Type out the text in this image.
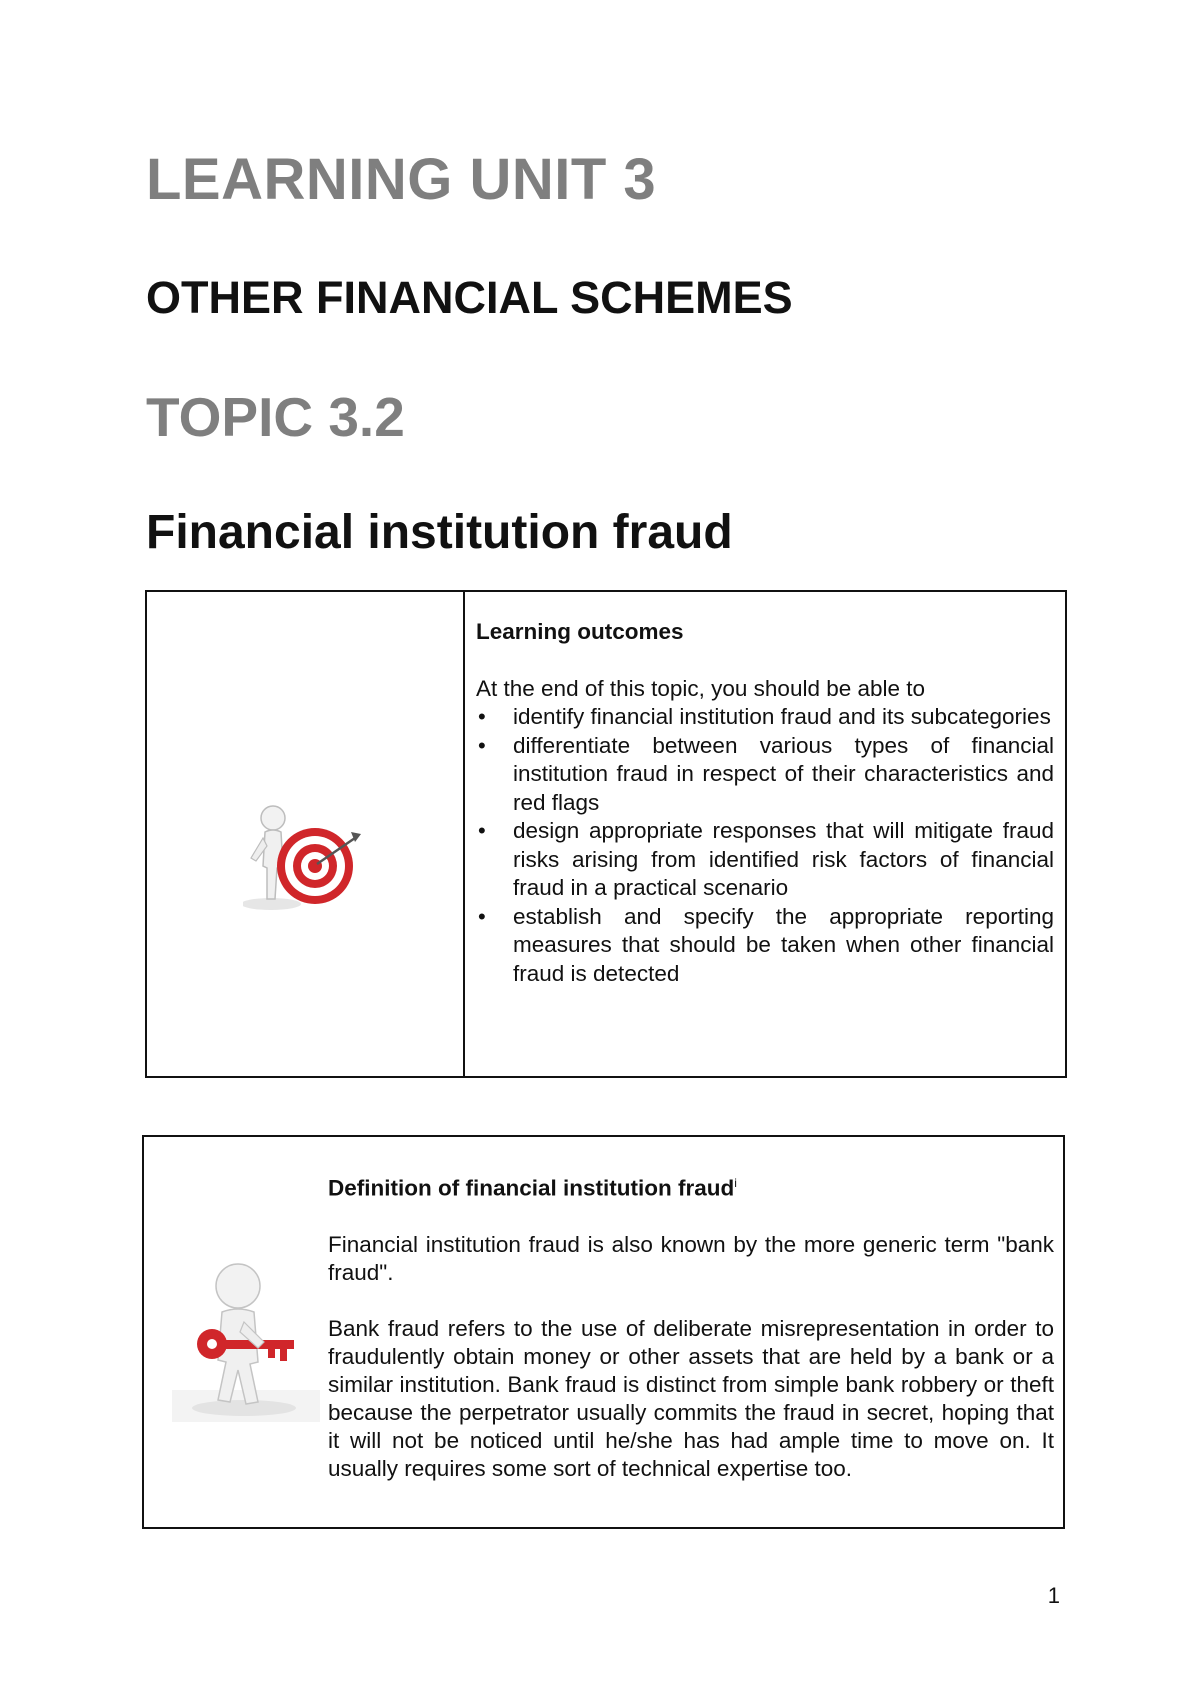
LEARNING UNIT 3
OTHER FINANCIAL SCHEMES
TOPIC 3.2
Financial institution fraud

Learning outcomes

At the end of this topic, you should be able to

• identify financial institution fraud and its subcategories
• differentiate between various types of financial institution fraud in respect of their characteristics and red flags
• design appropriate responses that will mitigate fraud risks arising from identified risk factors of financial fraud in a practical scenario
• establish and specify the appropriate reporting measures that should be taken when other financial fraud is detected

Definition of financial institution fraud$^i$

Financial institution fraud is also known by the more generic term "bank fraud".

Bank fraud refers to the use of deliberate misrepresentation in order to fraudulently obtain money or other assets that are held by a bank or a similar institution. Bank fraud is distinct from simple bank robbery or theft because the perpetrator usually commits the fraud in secret, hoping that it will not be noticed until he/she has had ample time to move on. It usually requires some sort of technical expertise too.

1
